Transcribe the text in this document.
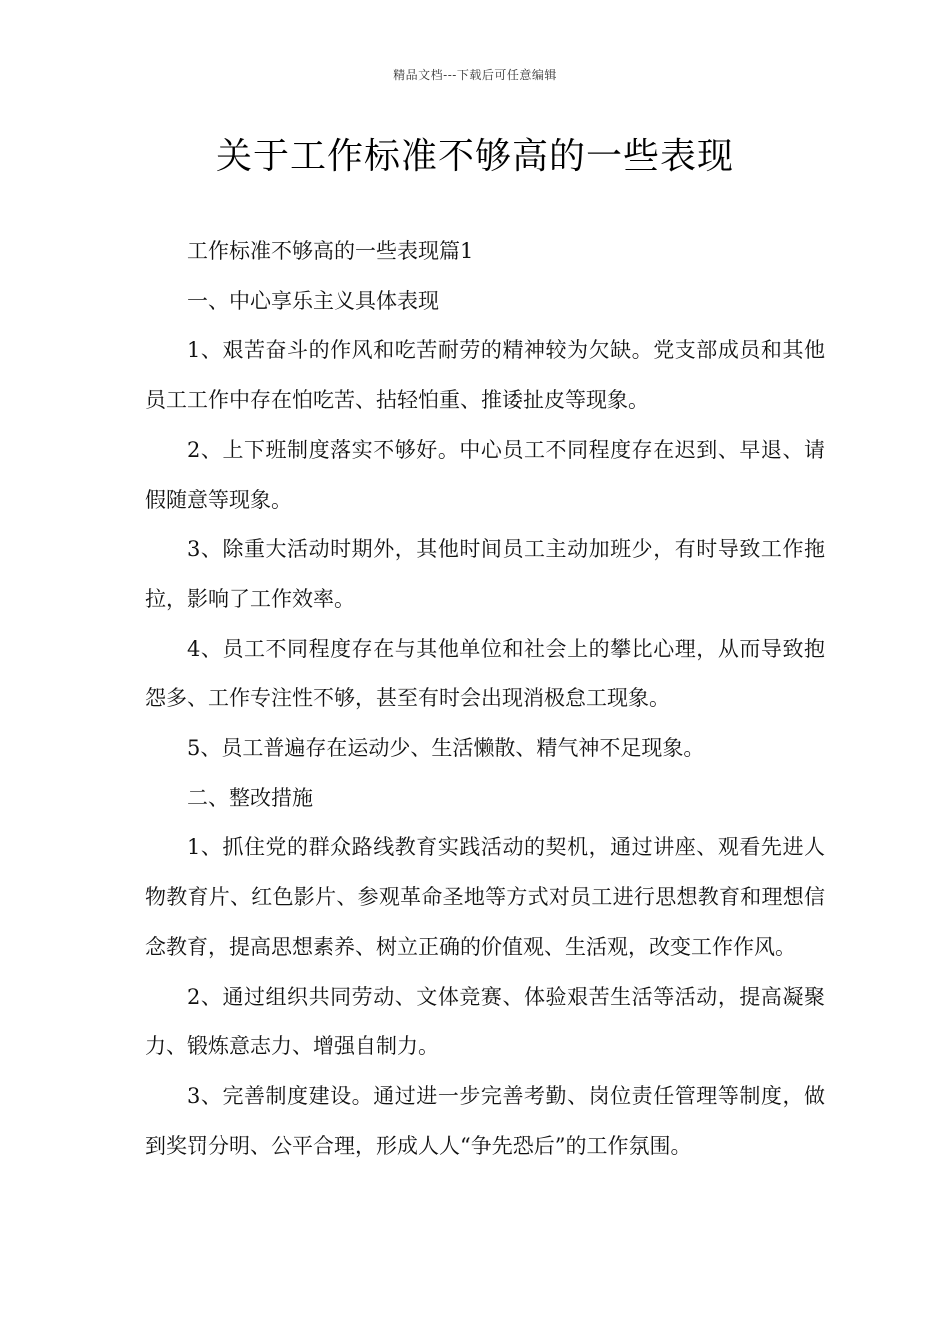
精品文档---下载后可任意编辑
关于工作标准不够高的一些表现

工作标准不够高的一些表现篇1

一、中心享乐主义具体表现

1、艰苦奋斗的作风和吃苦耐劳的精神较为欠缺。党支部成员和其他员工工作中存在怕吃苦、拈轻怕重、推诿扯皮等现象。

2、上下班制度落实不够好。中心员工不同程度存在迟到、早退、请假随意等现象。

3、除重大活动时期外，其他时间员工主动加班少，有时导致工作拖拉，影响了工作效率。

4、员工不同程度存在与其他单位和社会上的攀比心理，从而导致抱怨多、工作专注性不够，甚至有时会出现消极怠工现象。

5、员工普遍存在运动少、生活懒散、精气神不足现象。

二、整改措施

1、抓住党的群众路线教育实践活动的契机，通过讲座、观看先进人物教育片、红色影片、参观革命圣地等方式对员工进行思想教育和理想信念教育，提高思想素养、树立正确的价值观、生活观，改变工作作风。

2、通过组织共同劳动、文体竞赛、体验艰苦生活等活动，提高凝聚力、锻炼意志力、增强自制力。

3、完善制度建设。通过进一步完善考勤、岗位责任管理等制度，做到奖罚分明、公平合理，形成人人“争先恐后”的工作氛围。
